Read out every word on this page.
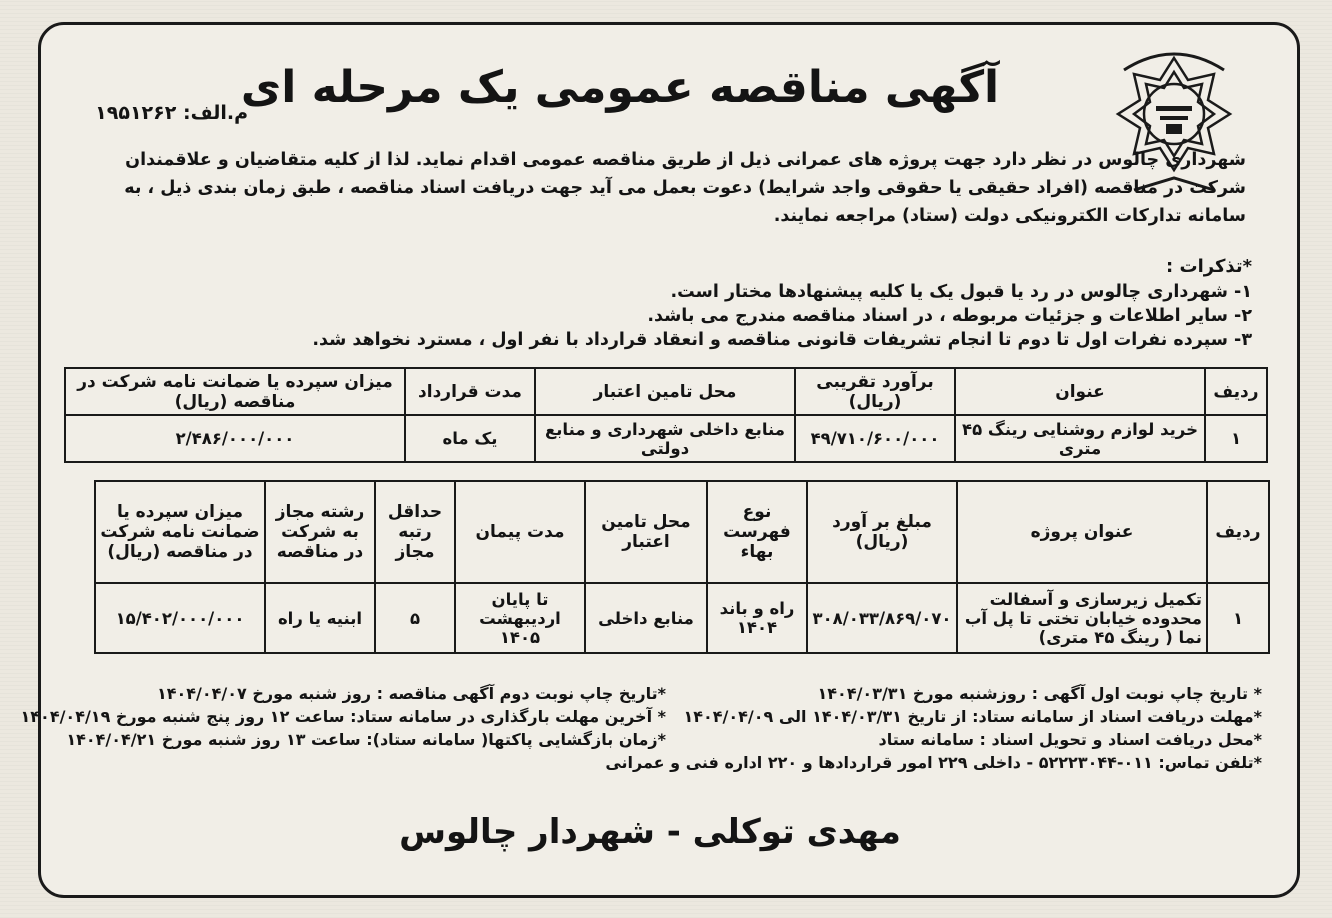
آگهی مناقصه عمومی یک مرحله ای
م.الف: ۱۹۵۱۲۶۲
شهرداری چالوس در نظر دارد جهت پروژه های عمرانی ذیل از طریق مناقصه عمومی اقدام نماید. لذا از کلیه متقاضیان و علاقمندان شرکت در مناقصه (افراد حقیقی یا حقوقی واجد شرایط) دعوت بعمل می آید جهت دریافت اسناد مناقصه ، طبق زمان بندی ذیل ، به سامانه تدارکات الکترونیکی دولت (ستاد) مراجعه نمایند.
*تذکرات :
۱- شهرداری چالوس در رد یا قبول یک یا کلیه پیشنهادها مختار است.
۲- سایر اطلاعات و جزئیات مربوطه ، در اسناد مناقصه مندرج می باشد.
۳- سپرده نفرات اول تا دوم تا انجام تشریفات قانونی مناقصه و انعقاد قرارداد با نفر اول ، مسترد نخواهد شد.
ردیف	عنوان	برآورد تقریبی (ریال)	محل تامین اعتبار	مدت قرارداد	میزان سپرده یا ضمانت نامه شرکت در مناقصه (ریال)
۱	خرید لوازم روشنایی رینگ ۴۵ متری	۴۹/۷۱۰/۶۰۰/۰۰۰	منابع داخلی شهرداری و منابع دولتی	یک ماه	۲/۴۸۶/۰۰۰/۰۰۰
ردیف	عنوان پروژه	مبلغ بر آورد (ریال)	نوع فهرست بهاء	محل تامین اعتبار	مدت پیمان	حداقل رتبه مجاز	رشته مجاز به شرکت در مناقصه	میزان سپرده یا ضمانت نامه شرکت در مناقصه (ریال)
۱	تکمیل زیرسازی و آسفالت محدوده خیابان تختی تا پل آب نما ( رینگ ۴۵ متری)	۳۰۸/۰۳۳/۸۶۹/۰۷۰	راه و باند ۱۴۰۴	منابع داخلی	تا پایان اردیبهشت ۱۴۰۵	۵	ابنیه یا راه	۱۵/۴۰۲/۰۰۰/۰۰۰
* تاریخ چاپ نوبت اول آگهی : روزشنبه مورخ ۱۴۰۴/۰۳/۳۱
*مهلت دریافت اسناد از سامانه ستاد: از تاریخ ۱۴۰۴/۰۳/۳۱ الی ۱۴۰۴/۰۴/۰۹
*محل دریافت اسناد و تحویل اسناد : سامانه ستاد
*تلفن تماس: ۰۱۱-۵۲۲۲۳۰۴۴ - داخلی ۲۲۹ امور قراردادها و ۲۲۰ اداره فنی و عمرانی
*تاریخ چاپ نوبت دوم آگهی مناقصه : روز شنبه مورخ ۱۴۰۴/۰۴/۰۷
* آخرین مهلت بارگذاری در سامانه ستاد: ساعت ۱۲ روز پنج شنبه مورخ ۱۴۰۴/۰۴/۱۹
*زمان بازگشایی پاکتها( سامانه ستاد): ساعت ۱۳ روز شنبه مورخ ۱۴۰۴/۰۴/۲۱
مهدی توکلی - شهردار چالوس
